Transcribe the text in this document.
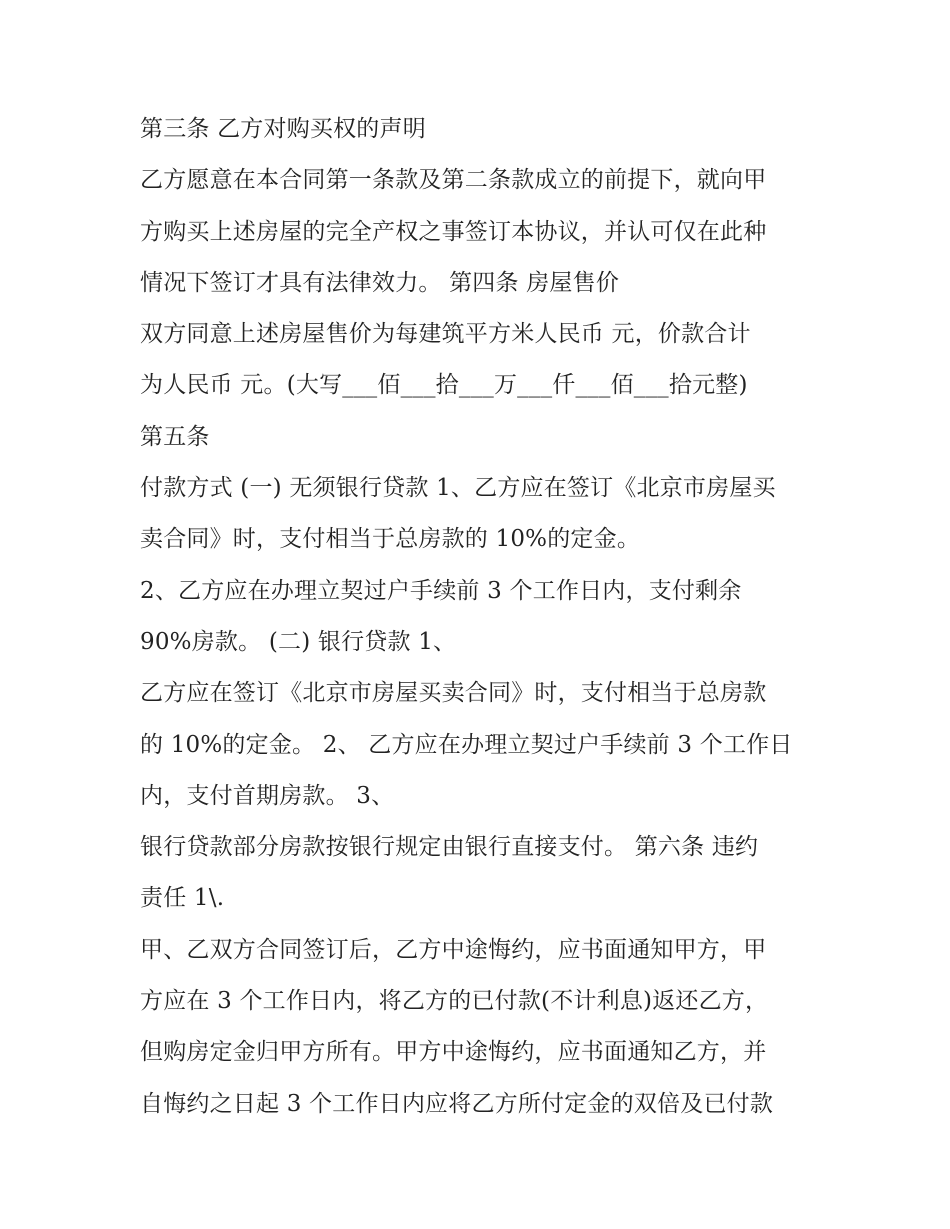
第三条 乙方对购买权的声明
乙方愿意在本合同第一条款及第二条款成立的前提下，就向甲
方购买上述房屋的完全产权之事签订本协议，并认可仅在此种
情况下签订才具有法律效力。 第四条 房屋售价
双方同意上述房屋售价为每建筑平方米人民币 元，价款合计
为人民币 元。(大写___佰___拾___万___仟___佰___拾元整)
第五条
付款方式 (一) 无须银行贷款 1、乙方应在签订《北京市房屋买
卖合同》时，支付相当于总房款的 10%的定金。
2、乙方应在办理立契过户手续前 3 个工作日内，支付剩余
90%房款。 (二) 银行贷款 1、
乙方应在签订《北京市房屋买卖合同》时，支付相当于总房款
的 10%的定金。 2、 乙方应在办理立契过户手续前 3 个工作日
内，支付首期房款。 3、
银行贷款部分房款按银行规定由银行直接支付。 第六条 违约
责任 1\.
甲、乙双方合同签订后，乙方中途悔约，应书面通知甲方，甲
方应在 3 个工作日内，将乙方的已付款(不计利息)返还乙方，
但购房定金归甲方所有。甲方中途悔约，应书面通知乙方，并
自悔约之日起 3 个工作日内应将乙方所付定金的双倍及已付款
